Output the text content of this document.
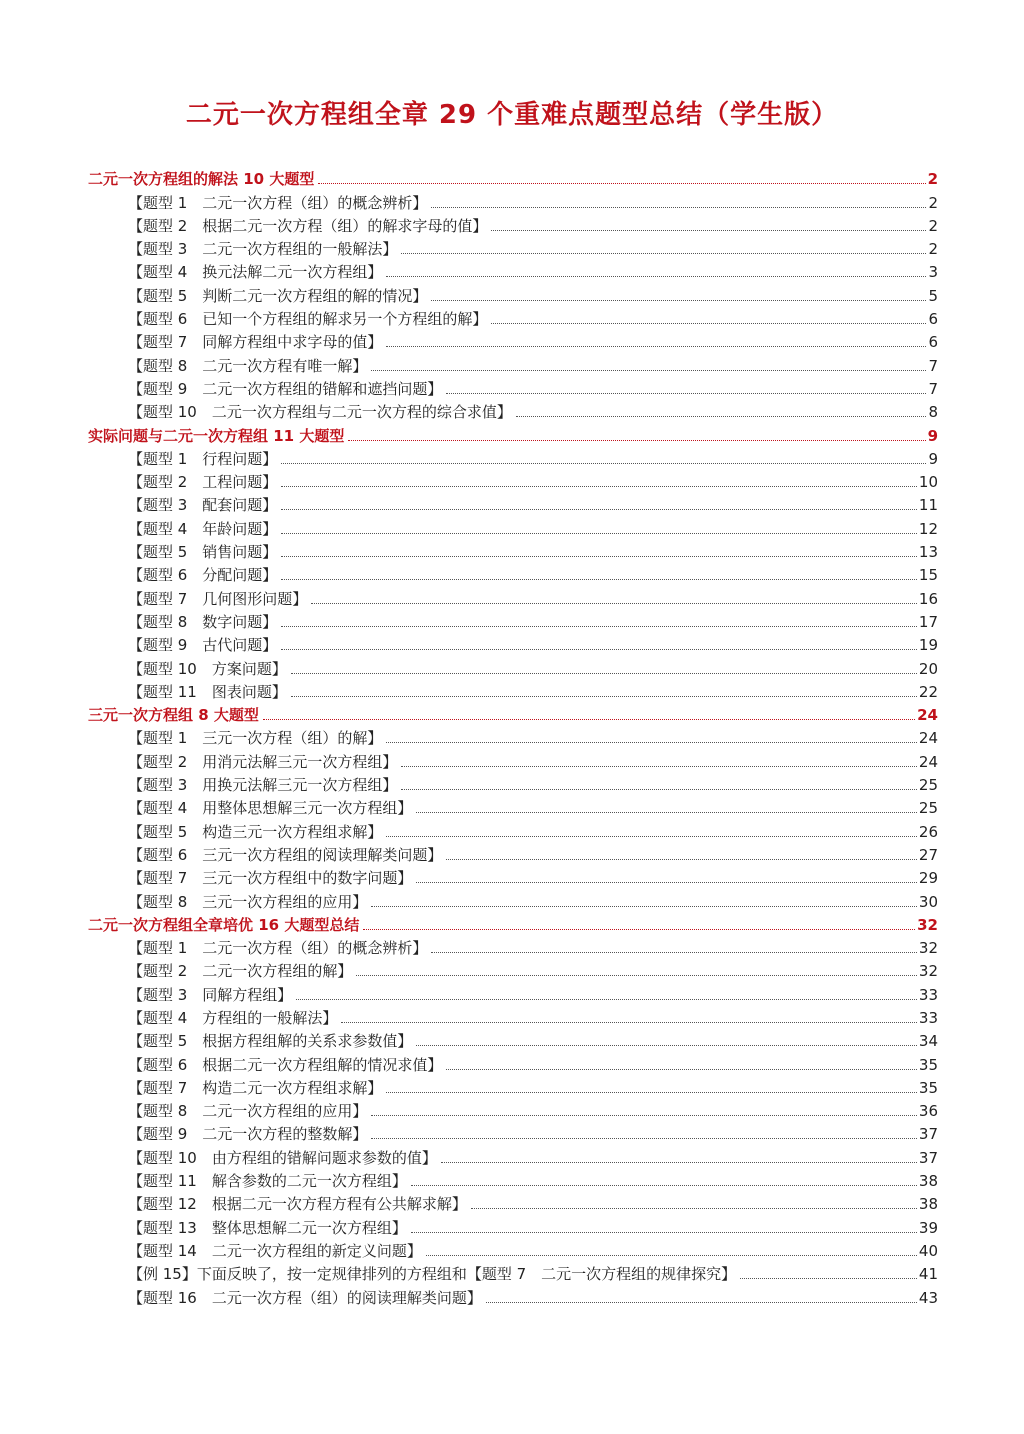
二元一次方程组全章 29 个重难点题型总结（学生版）
二元一次方程组的解法 10 大题型	2
【题型 1　二元一次方程（组）的概念辨析】	2
【题型 2　根据二元一次方程（组）的解求字母的值】	2
【题型 3　二元一次方程组的一般解法】	2
【题型 4　换元法解二元一次方程组】	3
【题型 5　判断二元一次方程组的解的情况】	5
【题型 6　已知一个方程组的解求另一个方程组的解】	6
【题型 7　同解方程组中求字母的值】	6
【题型 8　二元一次方程有唯一解】	7
【题型 9　二元一次方程组的错解和遮挡问题】	7
【题型 10　二元一次方程组与二元一次方程的综合求值】	8
实际问题与二元一次方程组 11 大题型	9
【题型 1　行程问题】	9
【题型 2　工程问题】	10
【题型 3　配套问题】	11
【题型 4　年龄问题】	12
【题型 5　销售问题】	13
【题型 6　分配问题】	15
【题型 7　几何图形问题】	16
【题型 8　数字问题】	17
【题型 9　古代问题】	19
【题型 10　方案问题】	20
【题型 11　图表问题】	22
三元一次方程组 8 大题型	24
【题型 1　三元一次方程（组）的解】	24
【题型 2　用消元法解三元一次方程组】	24
【题型 3　用换元法解三元一次方程组】	25
【题型 4　用整体思想解三元一次方程组】	25
【题型 5　构造三元一次方程组求解】	26
【题型 6　三元一次方程组的阅读理解类问题】	27
【题型 7　三元一次方程组中的数字问题】	29
【题型 8　三元一次方程组的应用】	30
二元一次方程组全章培优 16 大题型总结	32
【题型 1　二元一次方程（组）的概念辨析】	32
【题型 2　二元一次方程组的解】	32
【题型 3　同解方程组】	33
【题型 4　方程组的一般解法】	33
【题型 5　根据方程组解的关系求参数值】	34
【题型 6　根据二元一次方程组解的情况求值】	35
【题型 7　构造二元一次方程组求解】	35
【题型 8　二元一次方程组的应用】	36
【题型 9　二元一次方程的整数解】	37
【题型 10　由方程组的错解问题求参数的值】	37
【题型 11　解含参数的二元一次方程组】	38
【题型 12　根据二元一次方程方程有公共解求解】	38
【题型 13　整体思想解二元一次方程组】	39
【题型 14　二元一次方程组的新定义问题】	40
【例 15】下面反映了，按一定规律排列的方程组和【题型 7　二元一次方程组的规律探究】	41
【题型 16　二元一次方程（组）的阅读理解类问题】	43
